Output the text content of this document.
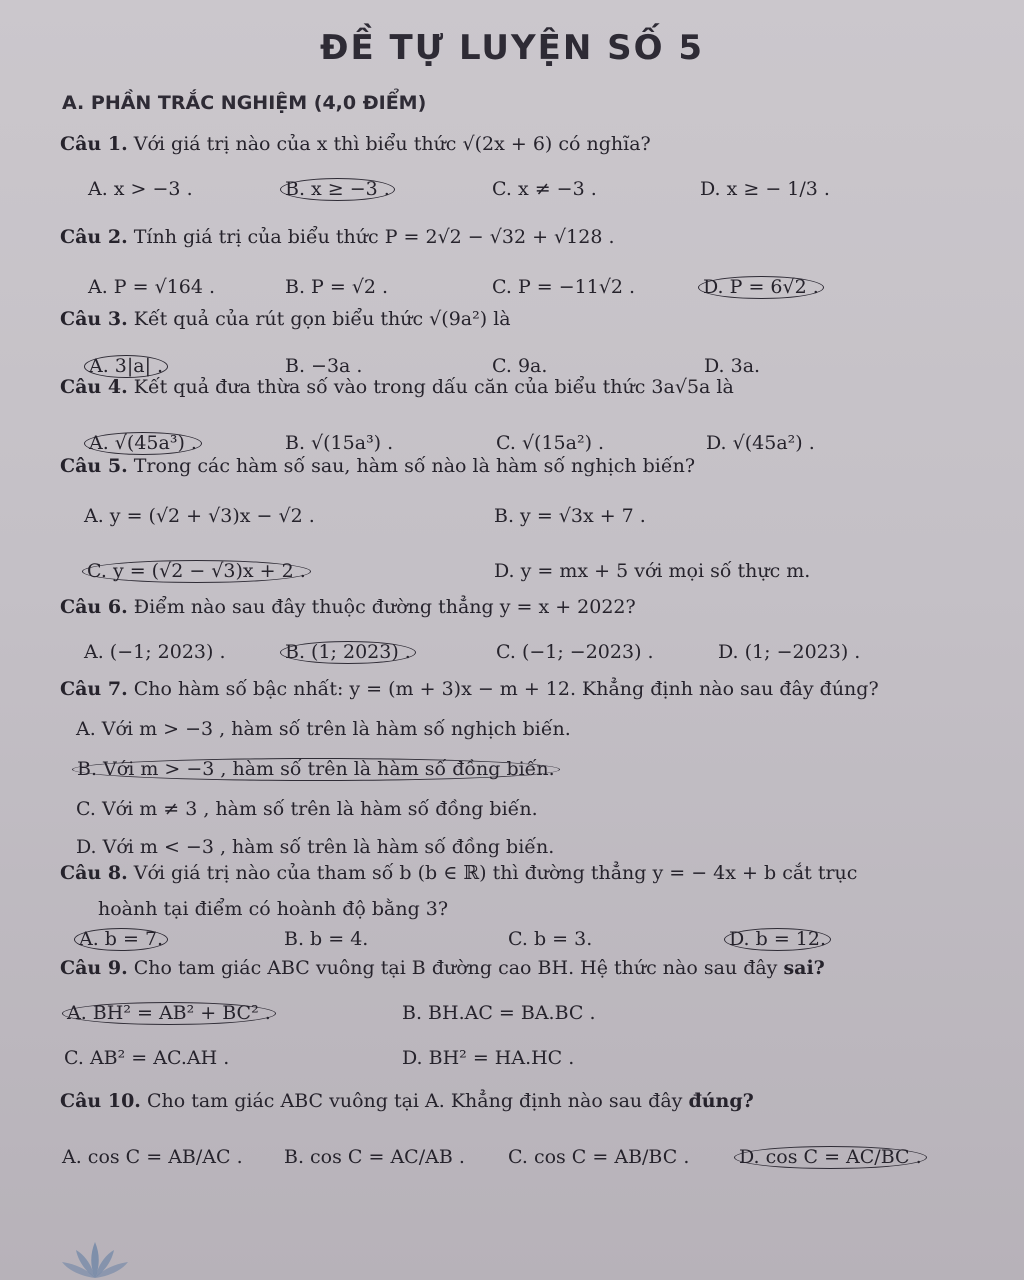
ĐỀ TỰ LUYỆN SỐ 5
A. PHẦN TRẮC NGHIỆM (4,0 ĐIỂM)
Câu 1. Với giá trị nào của x thì biểu thức √(2x + 6) có nghĩa?
A. x > −3 .	B. x ≥ −3 .	C. x ≠ −3 .	D. x ≥ − 1/3 .
Câu 2. Tính giá trị của biểu thức P = 2√2 − √32 + √128 .
A. P = √164 .	B. P = √2 .	C. P = −11√2 .	D. P = 6√2 .
Câu 3. Kết quả của rút gọn biểu thức √(9a²) là
A. 3|a| .	B. −3a .	C. 9a.	D. 3a.
Câu 4. Kết quả đưa thừa số vào trong dấu căn của biểu thức 3a√5a là
A. √(45a³) .	B. √(15a³) .	C. √(15a²) .	D. √(45a²) .
Câu 5. Trong các hàm số sau, hàm số nào là hàm số nghịch biến?
A. y = (√2 + √3)x − √2 .	B. y = √3x + 7 .
C. y = (√2 − √3)x + 2 .	D. y = mx + 5 với mọi số thực m.
Câu 6. Điểm nào sau đây thuộc đường thẳng y = x + 2022?
A. (−1; 2023) .	B. (1; 2023) .	C. (−1; −2023) .	D. (1; −2023) .
Câu 7. Cho hàm số bậc nhất: y = (m + 3)x − m + 12. Khẳng định nào sau đây đúng?
A. Với m > −3 , hàm số trên là hàm số nghịch biến.
B. Với m > −3 , hàm số trên là hàm số đồng biến.
C. Với m ≠ 3 , hàm số trên là hàm số đồng biến.
D. Với m < −3 , hàm số trên là hàm số đồng biến.
Câu 8. Với giá trị nào của tham số b (b ∈ ℝ) thì đường thẳng y = − 4x + b cắt trục
hoành tại điểm có hoành độ bằng 3?
A. b = 7.	B. b = 4.	C. b = 3.	D. b = 12.
Câu 9. Cho tam giác ABC vuông tại B đường cao BH. Hệ thức nào sau đây sai?
A. BH² = AB² + BC² .	B. BH.AC = BA.BC .
C. AB² = AC.AH .	D. BH² = HA.HC .
Câu 10. Cho tam giác ABC vuông tại A. Khẳng định nào sau đây đúng?
A. cos C = AB/AC . B. cos C = AC/AB . C. cos C = AB/BC .	D. cos C = AC/BC .
